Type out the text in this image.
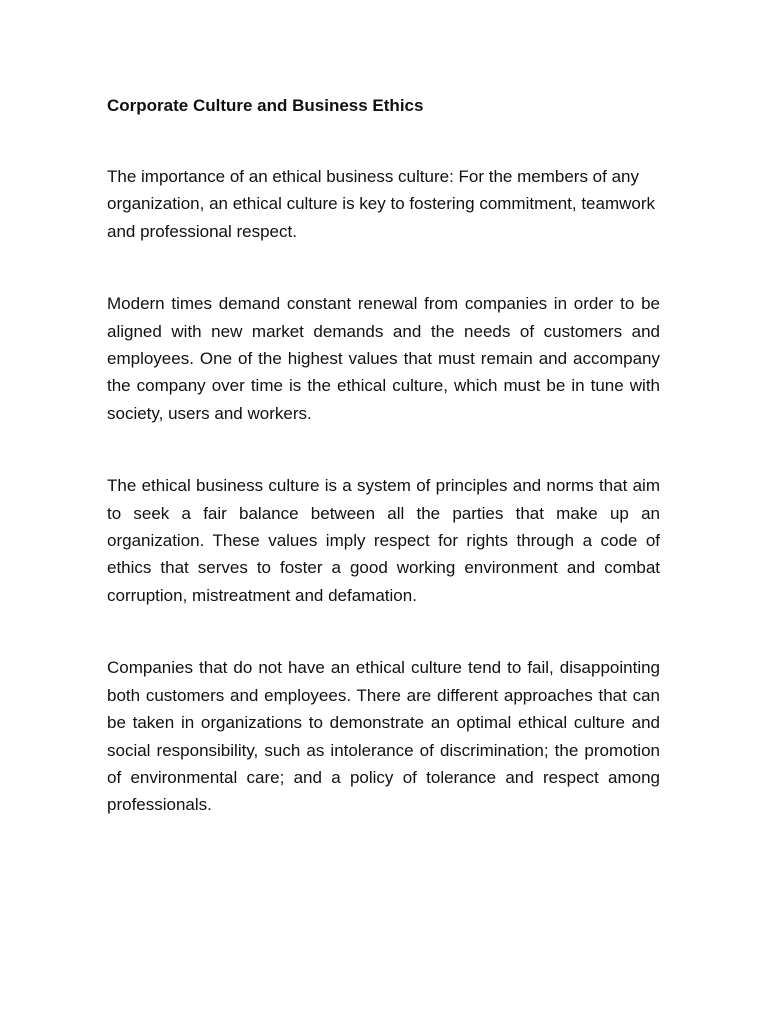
Corporate Culture and Business Ethics

The importance of an ethical business culture: For the members of any organization, an ethical culture is key to fostering commitment, teamwork and professional respect.

Modern times demand constant renewal from companies in order to be aligned with new market demands and the needs of customers and employees. One of the highest values that must remain and accompany the company over time is the ethical culture, which must be in tune with society, users and workers.

The ethical business culture is a system of principles and norms that aim to seek a fair balance between all the parties that make up an organization. These values imply respect for rights through a code of ethics that serves to foster a good working environment and combat corruption, mistreatment and defamation.

Companies that do not have an ethical culture tend to fail, disappointing both customers and employees. There are different approaches that can be taken in organizations to demonstrate an optimal ethical culture and social responsibility, such as intolerance of discrimination; the promotion of environmental care; and a policy of tolerance and respect among professionals.
